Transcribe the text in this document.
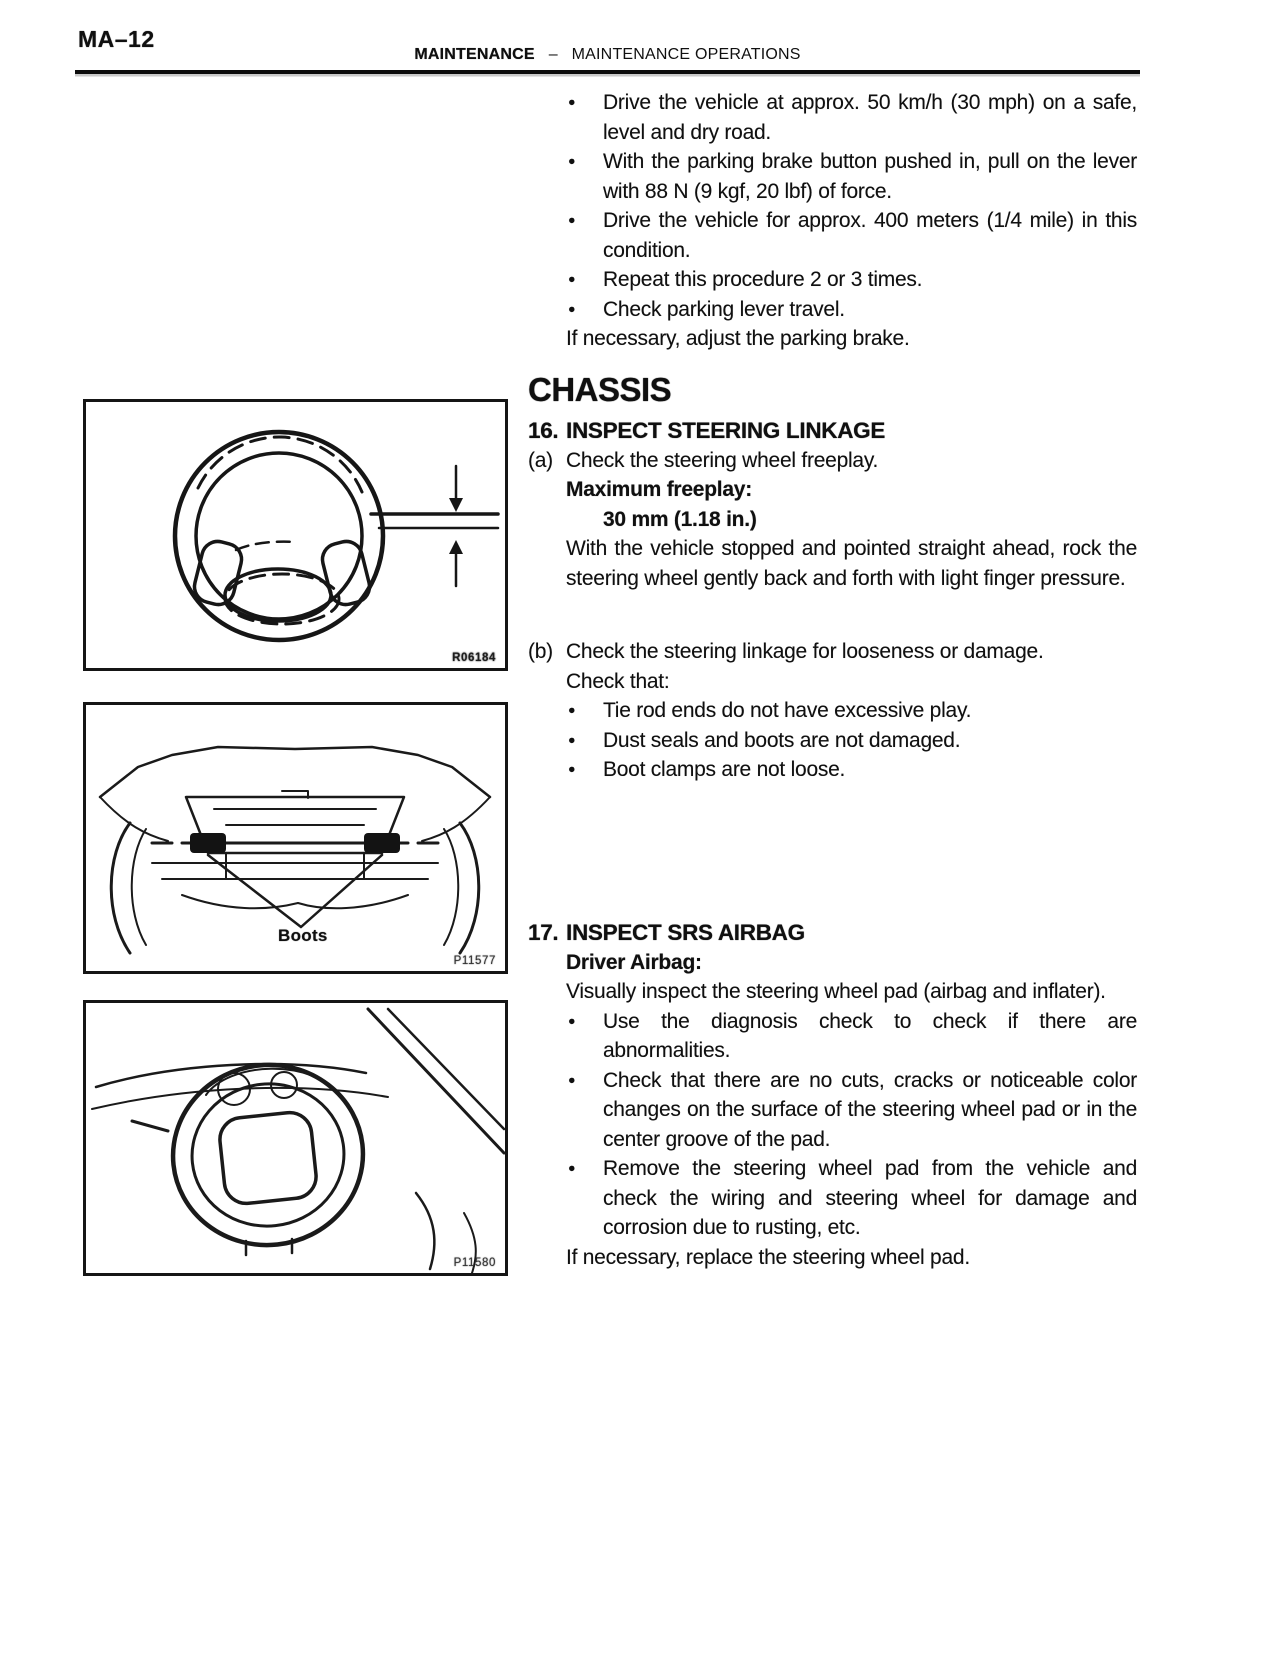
MA–12
MAINTENANCE – MAINTENANCE OPERATIONS
R06184
Boots
P11577
P11580
●	Drive the vehicle at approx. 50 km/h (30 mph) on a safe, level and dry road.
●	With the parking brake button pushed in, pull on the lever with 88 N (9 kgf, 20 lbf) of force.
●	Drive the vehicle for approx. 400 meters (1/4 mile) in this condition.
●	Repeat this procedure 2 or 3 times.
●	Check parking lever travel.

If necessary, adjust the parking brake.

CHASSIS
16. INSPECT STEERING LINKAGE
(a) Check the steering wheel freeplay.

Maximum freeplay:

30 mm (1.18 in.)

With the vehicle stopped and pointed straight ahead, rock the steering wheel gently back and forth with light finger pressure.

(b) Check the steering linkage for looseness or damage.

Check that:

●	Tie rod ends do not have excessive play.
●	Dust seals and boots are not damaged.
●	Boot clamps are not loose.
17. INSPECT SRS AIRBAG

Driver Airbag:

Visually inspect the steering wheel pad (airbag and inflater).

●	Use the diagnosis check to check if there are abnormalities.
●	Check that there are no cuts, cracks or noticeable color changes on the surface of the steering wheel pad or in the center groove of the pad.
●	Remove the steering wheel pad from the vehicle and check the wiring and steering wheel for damage and corrosion due to rusting, etc.

If necessary, replace the steering wheel pad.
